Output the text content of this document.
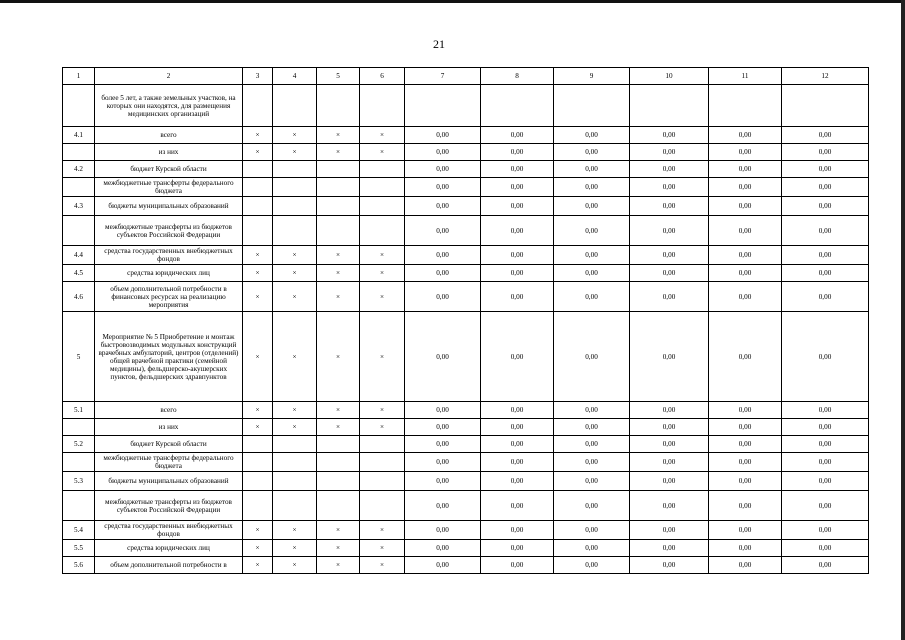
21
1	2	3	4	5	6	7	8	9	10	11	12
	более 5 лет, а также земельных участков, на которых они находятся, для размещения медицинских организаций										
4.1	всего	×	×	×	×	0,00	0,00	0,00	0,00	0,00	0,00
	из них	×	×	×	×	0,00	0,00	0,00	0,00	0,00	0,00
4.2	бюджет Курской области					0,00	0,00	0,00	0,00	0,00	0,00
	межбюджетные трансферты федерального бюджета					0,00	0,00	0,00	0,00	0,00	0,00
4.3	бюджеты муниципальных образований					0,00	0,00	0,00	0,00	0,00	0,00
	межбюджетные трансферты из бюджетов субъектов Российской Федерации					0,00	0,00	0,00	0,00	0,00	0,00
4.4	средства государственных внебюджетных фондов	×	×	×	×	0,00	0,00	0,00	0,00	0,00	0,00
4.5	средства юридических лиц	×	×	×	×	0,00	0,00	0,00	0,00	0,00	0,00
4.6	объем дополнительной потребности в финансовых ресурсах на реализацию мероприятия	×	×	×	×	0,00	0,00	0,00	0,00	0,00	0,00
5	Мероприятие № 5 Приобретение и монтаж быстровозводимых модульных конструкций врачебных амбулаторий, центров (отделений) общей врачебной практики (семейной медицины), фельдшерско-акушерских пунктов, фельдшерских здравпунктов	×	×	×	×	0,00	0,00	0,00	0,00	0,00	0,00
5.1	всего	×	×	×	×	0,00	0,00	0,00	0,00	0,00	0,00
	из них	×	×	×	×	0,00	0,00	0,00	0,00	0,00	0,00
5.2	бюджет Курской области					0,00	0,00	0,00	0,00	0,00	0,00
	межбюджетные трансферты федерального бюджета					0,00	0,00	0,00	0,00	0,00	0,00
5.3	бюджеты муниципальных образований					0,00	0,00	0,00	0,00	0,00	0,00
	межбюджетные трансферты из бюджетов субъектов Российской Федерации					0,00	0,00	0,00	0,00	0,00	0,00
5.4	средства государственных внебюджетных фондов	×	×	×	×	0,00	0,00	0,00	0,00	0,00	0,00
5.5	средства юридических лиц	×	×	×	×	0,00	0,00	0,00	0,00	0,00	0,00
5.6	объем дополнительной потребности в	×	×	×	×	0,00	0,00	0,00	0,00	0,00	0,00
